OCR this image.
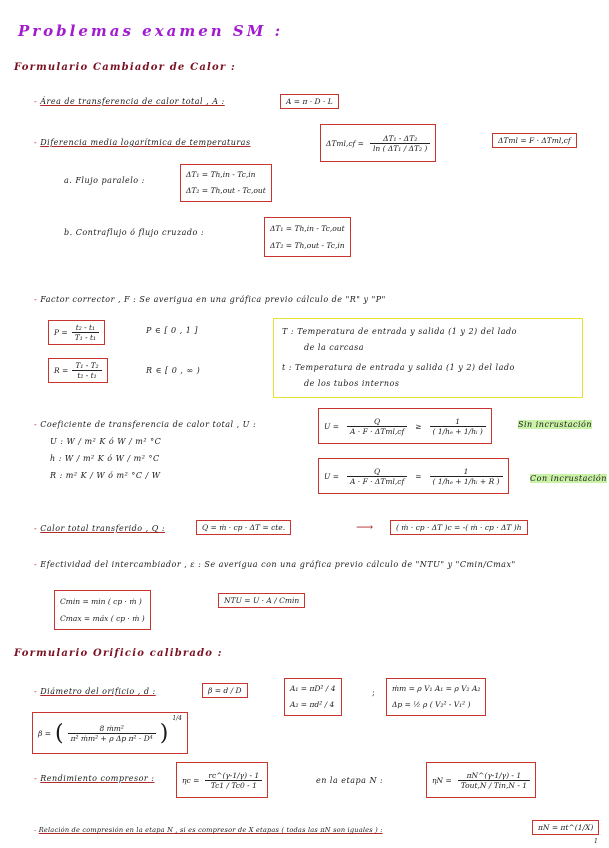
Problemas examen SM :
Formulario Cambiador de Calor :
- Área de transferencia de calor total , A :	A = π · D · L
- Diferencia media logarítmica de temperaturas	$\Delta Tml,cf = \frac{\text{ΔT₁ - ΔT₂}}{\text{ln ( ΔT₁ / ΔT₂ )}}$	ΔTml = F · ΔTml,cf
a. Flujo paralelo :
ΔT₁ = Th,in - Tc,in
ΔT₂ = Th,out - Tc,out
b. Contraflujo ó flujo cruzado :	ΔT₁ = Th,in - Tc,out
ΔT₂ = Th,out - Tc,in
- Factor corrector , F : Se averigua en una gráfica previo cálculo de "R" y "P"
$P = \frac{\text{t₂ - t₁}}{\text{T₁ - t₁}}$	P ∈ [ 0 , 1 ]
$R = \frac{\text{T₁ - T₂}}{\text{t₂ - t₁}}$	R ∈ [ 0 , ∞ )
T : Temperatura de entrada y salida (1 y 2) del lado
de la carcasa
t : Temperatura de entrada y salida (1 y 2) del lado
de los tubos internos
- Coeficiente de transferencia de calor total , U :
U : W / m² K ó W / m² °C
h : W / m² K ó W / m² °C
R : m² K / W ó m² °C / W
$U = \frac{Q}{\text{A · F · ΔTml,cf}} \ge \frac{1}{\text{( 1/hₑ + 1/hᵢ )}}$	Sin incrustación
$U = \frac{Q}{\text{A · F · ΔTml,cf}} = \frac{1}{\text{( 1/hₑ + 1/hᵢ + R )}}$	Con incrustación
- Calor total transferido , Q :	Q = ṁ · cp · ΔT = cte.	⟶	( ṁ · cp · ΔT )c = -( ṁ · cp · ΔT )h
- Efectividad del intercambiador , ε : Se averigua con una gráfica previo cálculo de "NTU" y "Cmin/Cmax"
Cmin = min ( cp · ṁ )
Cmax = máx ( cp · ṁ )
NTU = U · A / Cmin
Formulario Orificio calibrado :
- Diámetro del orificio , d :	β = d / D	A₁ = πD² / 4
A₂ = πd² / 4
; ṁm = ρ V₁ A₁ = ρ V₂ A₂
Δp = ½ ρ ( V₂² - V₁² )
β = ( $\frac{\text{8 ṁm²}}{\text{π² ṁm² + ρ Δp π² · D⁴}}$ )
$^{1/4}$
- Rendimiento compresor :	$\eta c = \frac{rc\^{}(\gamma-1/\gamma) - 1}{Tc1 / Tc0 - 1}$	en la etapa N :	$\eta N = \frac{\pi N\^{}(\gamma-1/\gamma) - 1}{\text{Tout,N / Tin,N - 1}}$
- Relación de compresión en la etapa N , si es compresor de X etapas ( todas las πN son iguales ) :	πN = πt^(1/X)
1
